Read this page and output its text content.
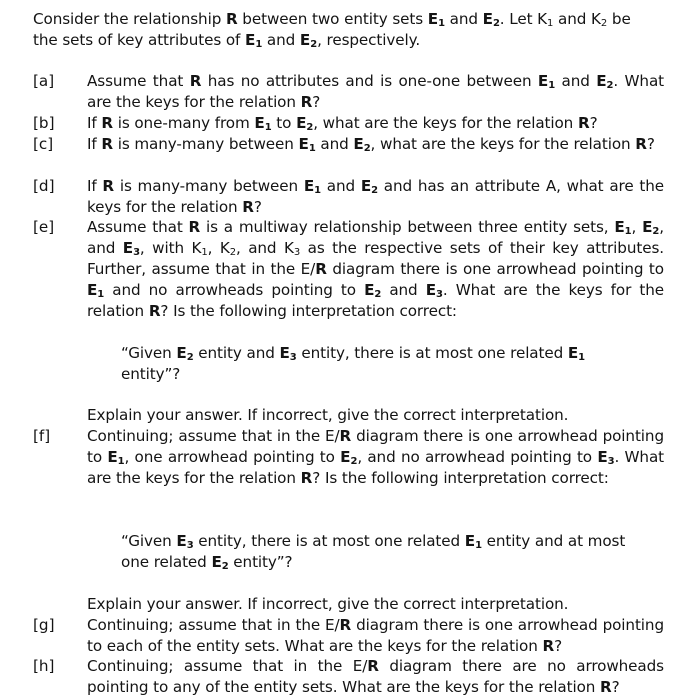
Consider the relationship R between two entity sets $E_1$ and $E_2$. Let $K_1$ and $K_2$ be
the sets of key attributes of $E_1$ and $E_2$, respectively.
[a] Assume that R has no attributes and is one-one between $E_1$ and $E_2$. What are the keys for the relation R?
[b] If R is one-many from $E_1$ to $E_2$, what are the keys for the relation R?
[c] If R is many-many between $E_1$ and $E_2$, what are the keys for the relation R?
[d] If R is many-many between $E_1$ and $E_2$ and has an attribute A, what are the keys for the relation R?
[e] Assume that R is a multiway relationship between three entity sets, $E_1$, $E_2$, and $E_3$, with $K_1$, $K_2$, and $K_3$ as the respective sets of their key attributes. Further, assume that in the E/R diagram there is one arrowhead pointing to $E_1$ and no arrowheads pointing to $E_2$ and $E_3$. What are the keys for the relation R? Is the following interpretation correct:
“Given $E_2$ entity and $E_3$ entity, there is at most one related $E_1$ entity”?
Explain your answer. If incorrect, give the correct interpretation.
[f] Continuing; assume that in the E/R diagram there is one arrowhead pointing to $E_1$, one arrowhead pointing to $E_2$, and no arrowhead pointing to $E_3$. What are the keys for the relation R? Is the following interpretation correct:
“Given $E_3$ entity, there is at most one related $E_1$ entity and at most one related $E_2$ entity”?
Explain your answer. If incorrect, give the correct interpretation.
[g] Continuing; assume that in the E/R diagram there is one arrowhead pointing to each of the entity sets. What are the keys for the relation R?
[h] Continuing; assume that in the E/R diagram there are no arrowheads pointing to any of the entity sets. What are the keys for the relation R?
